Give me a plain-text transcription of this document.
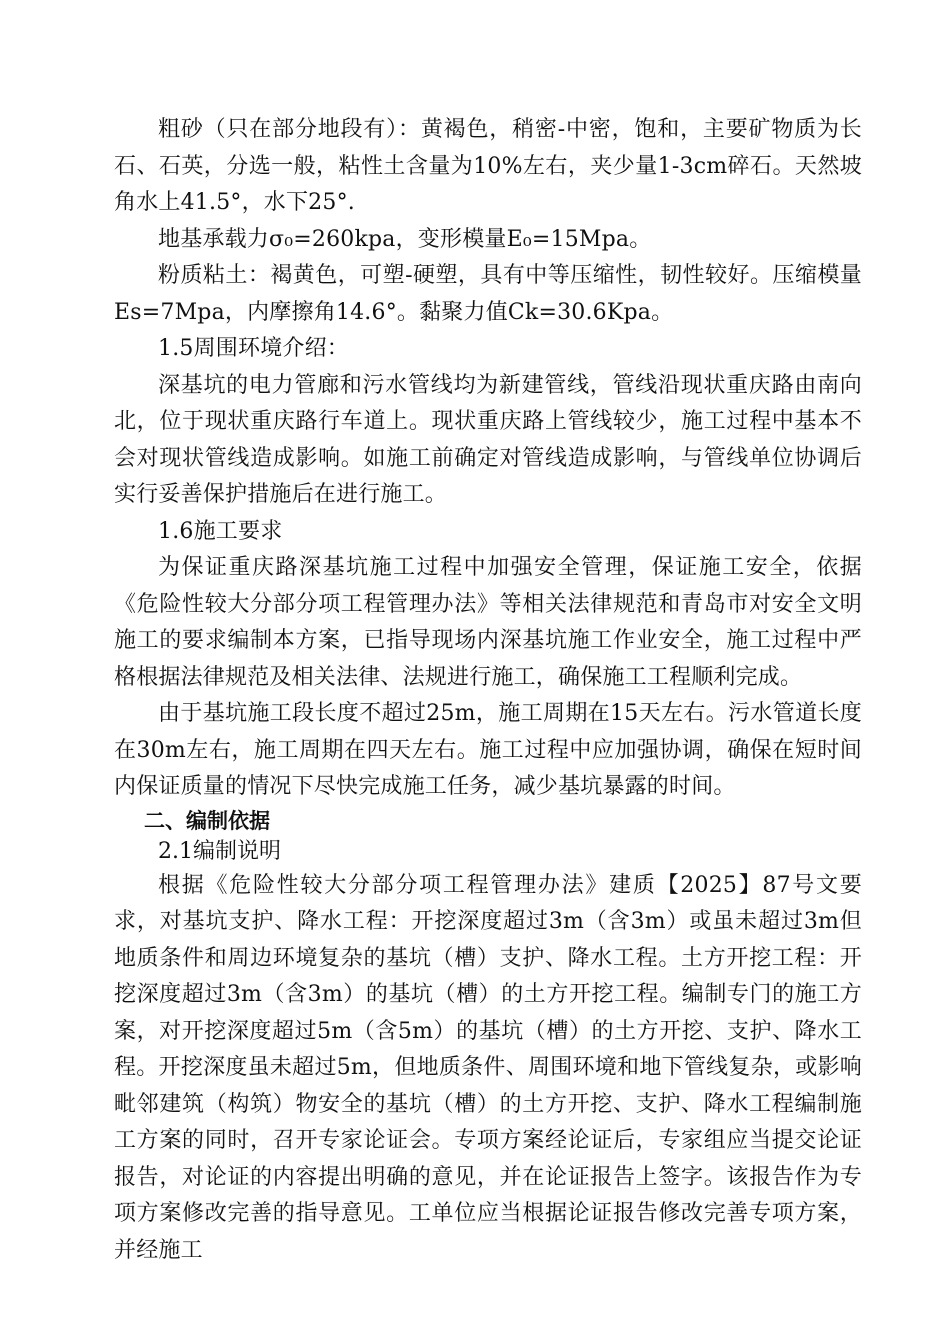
粗砂（只在部分地段有）：黄褐色，稍密-中密，饱和，主要矿物质为长石、石英，分选一般，粘性土含量为10%左右，夹少量1-3cm碎石。天然坡角水上41.5°，水下25°.

地基承载力σ₀=260kpa，变形模量E₀=15Mpa。

粉质粘土：褐黄色，可塑-硬塑，具有中等压缩性，韧性较好。压缩模量Es=7Mpa，内摩擦角14.6°。黏聚力值Ck=30.6Kpa。

1.5周围环境介绍：

深基坑的电力管廊和污水管线均为新建管线，管线沿现状重庆路由南向北，位于现状重庆路行车道上。现状重庆路上管线较少，施工过程中基本不会对现状管线造成影响。如施工前确定对管线造成影响，与管线单位协调后实行妥善保护措施后在进行施工。

1.6施工要求

为保证重庆路深基坑施工过程中加强安全管理，保证施工安全，依据《危险性较大分部分项工程管理办法》等相关法律规范和青岛市对安全文明施工的要求编制本方案，已指导现场内深基坑施工作业安全，施工过程中严格根据法律规范及相关法律、法规进行施工，确保施工工程顺利完成。

由于基坑施工段长度不超过25m，施工周期在15天左右。污水管道长度在30m左右，施工周期在四天左右。施工过程中应加强协调，确保在短时间内保证质量的情况下尽快完成施工任务，减少基坑暴露的时间。

二、编制依据

2.1编制说明

根据《危险性较大分部分项工程管理办法》建质【2025】87号文要求，对基坑支护、降水工程：开挖深度超过3m（含3m）或虽未超过3m但地质条件和周边环境复杂的基坑（槽）支护、降水工程。土方开挖工程：开挖深度超过3m（含3m）的基坑（槽）的土方开挖工程。编制专门的施工方案，对开挖深度超过5m（含5m）的基坑（槽）的土方开挖、支护、降水工程。开挖深度虽未超过5m，但地质条件、周围环境和地下管线复杂，或影响毗邻建筑（构筑）物安全的基坑（槽）的土方开挖、支护、降水工程编制施工方案的同时，召开专家论证会。专项方案经论证后，专家组应当提交论证报告，对论证的内容提出明确的意见，并在论证报告上签字。该报告作为专项方案修改完善的指导意见。工单位应当根据论证报告修改完善专项方案，并经施工
